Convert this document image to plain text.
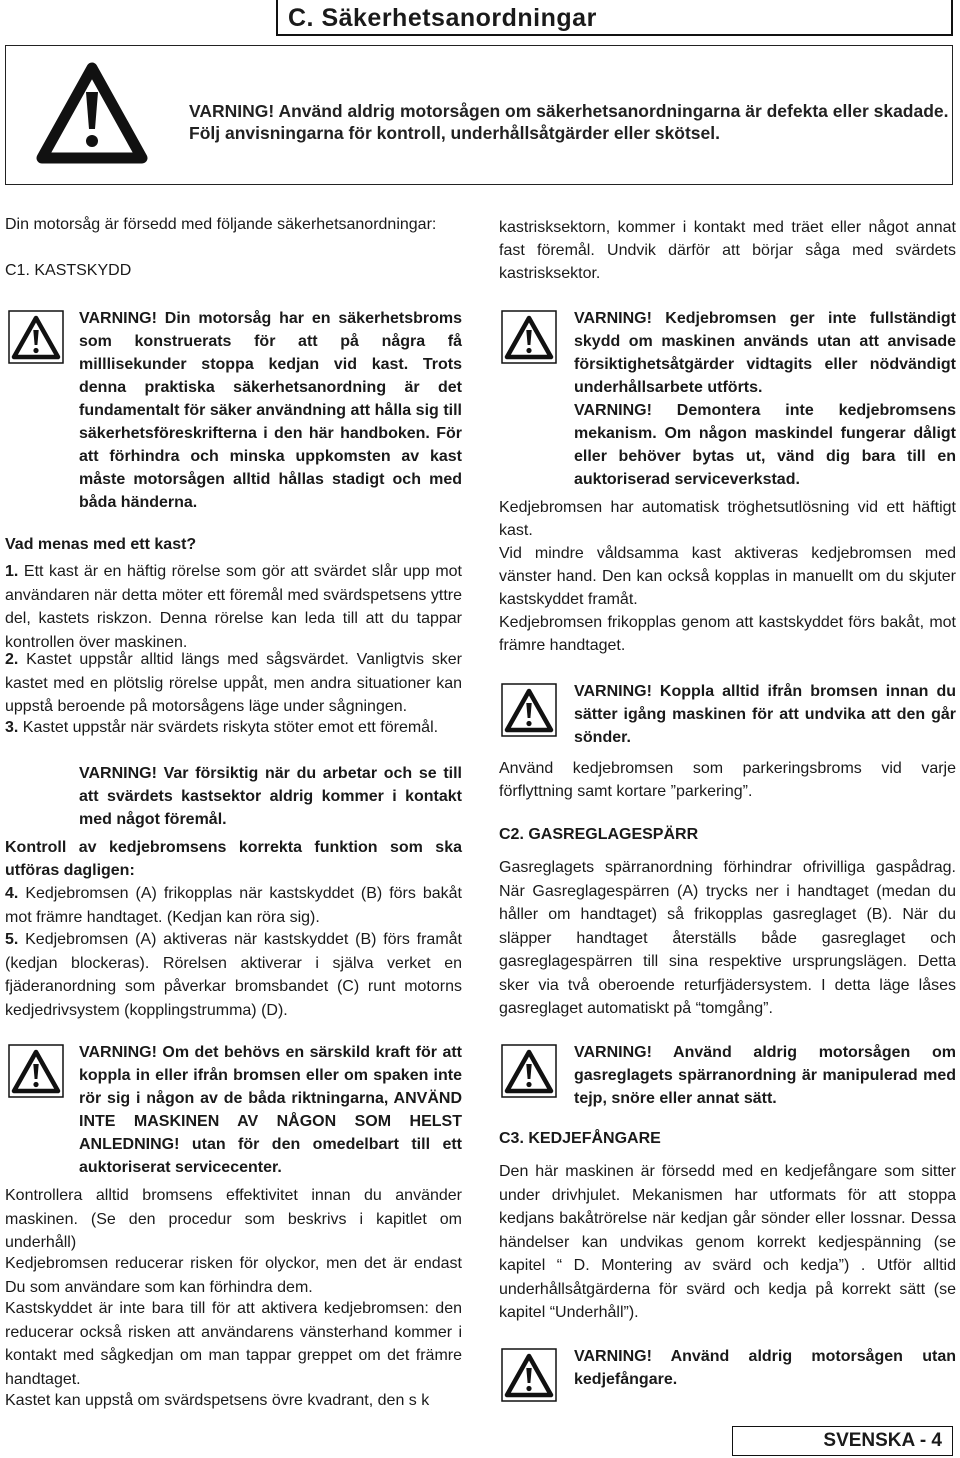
C. Säkerhetsanordningar
VARNING! Använd aldrig motorsågen om säkerhetsanordningarna är defekta eller skadade. Följ anvisningarna för kontroll, underhållsåtgärder eller skötsel.

Din motorsåg är försedd med följande säkerhetsanordningar:

C1. KASTSKYDD

VARNING! Din motorsåg har en säkerhetsbroms som konstruerats för att på några få milllisekunder stoppa kedjan vid kast. Trots denna praktiska säkerhetsanordning är det fundamentalt för säker användning att hålla sig till säkerhetsföreskrifterna i den här handboken. För att förhindra och minska uppkomsten av kast måste motorsågen alltid hållas stadigt och med båda händerna.

Vad menas med ett kast?

1. Ett kast är en häftig rörelse som gör att svärdet slår upp mot användaren när detta möter ett föremål med svärdspetsens yttre del, kastets riskzon. Denna rörelse kan leda till att du tappar kontrollen över maskinen.

2. Kastet uppstår alltid längs med sågsvärdet. Vanligtvis sker kastet med en plötslig rörelse uppåt, men andra situationer kan uppstå beroende på motorsågens läge under sågningen.

3. Kastet uppstår när svärdets riskyta stöter emot ett föremål.

VARNING! Var försiktig när du arbetar och se till att svärdets kastsektor aldrig kommer i kontakt med något föremål.

Kontroll av kedjebromsens korrekta funktion som ska utföras dagligen:

4. Kedjebromsen (A) frikopplas när kastskyddet (B) förs bakåt mot främre handtaget. (Kedjan kan röra sig).

5. Kedjebromsen (A) aktiveras när kastskyddet (B) förs framåt (kedjan blockeras). Rörelsen aktiverar i själva verket en fjäderanordning som påverkar bromsbandet (C) runt motorns kedjedrivsystem (kopplingstrumma) (D).

VARNING! Om det behövs en särskild kraft för att koppla in eller ifrån bromsen eller om spaken inte rör sig i någon av de båda riktningarna, ANVÄND INTE MASKINEN AV NÅGON SOM HELST ANLEDNING! utan för den omedelbart till ett auktoriserat servicecenter.

Kontrollera alltid bromsens effektivitet innan du använder maskinen. (Se den procedur som beskrivs i kapitlet om underhåll)

Kedjebromsen reducerar risken för olyckor, men det är endast Du som användare som kan förhindra dem.

Kastskyddet är inte bara till för att aktivera kedjebromsen: den reducerar också risken att användarens vänsterhand kommer i kontakt med sågkedjan om man tappar greppet om det främre handtaget.

Kastet kan uppstå om svärdspetsens övre kvadrant, den s k

kastrisksektorn, kommer i kontakt med träet eller något annat fast föremål. Undvik därför att börjar såga med svärdets kastrisksektor.

VARNING! Kedjebromsen ger inte fullständigt skydd om maskinen används utan att anvisade försiktighetsåtgärder vidtagits eller nödvändigt underhållsarbete utförts.

VARNING! Demontera inte kedjebromsens mekanism. Om någon maskindel fungerar dåligt eller behöver bytas ut, vänd dig bara till en auktoriserad serviceverkstad.

Kedjebromsen har automatisk tröghetsutlösning vid ett häftigt kast.

Vid mindre våldsamma kast aktiveras kedjebromsen med vänster hand. Den kan också kopplas in manuellt om du skjuter kastskyddet framåt.

Kedjebromsen frikopplas genom att kastskyddet förs bakåt, mot främre handtaget.

VARNING! Koppla alltid ifrån bromsen innan du sätter igång maskinen för att undvika att den går sönder.

Använd kedjebromsen som parkeringsbroms vid varje förflyttning samt kortare ”parkering”.

C2. GASREGLAGESPÄRR

Gasreglagets spärranordning förhindrar ofrivilliga gaspådrag. När Gasreglagespärren (A) trycks ner i handtaget (medan du håller om handtaget) så frikopplas gasreglaget (B). När du släpper handtaget återställs både gasreglaget och gasreglagespärren till sina respektive ursprungslägen. Detta sker via två oberoende returfjädersystem. I detta läge låses gasreglaget automatiskt på “tomgång”.

VARNING! Använd aldrig motorsågen om gasreglagets spärranordning är manipulerad med tejp, snöre eller annat sätt.

C3. KEDJEFÅNGARE

Den här maskinen är försedd med en kedjefångare som sitter under drivhjulet. Mekanismen har utformats för att stoppa kedjans bakåtrörelse när kedjan går sönder eller lossnar. Dessa händelser kan undvikas genom korrekt kedjespänning (se kapitel “ D. Montering av svärd och kedja”) . Utför alltid underhållsåtgärderna för svärd och kedja på korrekt sätt (se kapitel “Underhåll”).

VARNING! Använd aldrig motorsågen utan kedjefångare.

SVENSKA - 4
